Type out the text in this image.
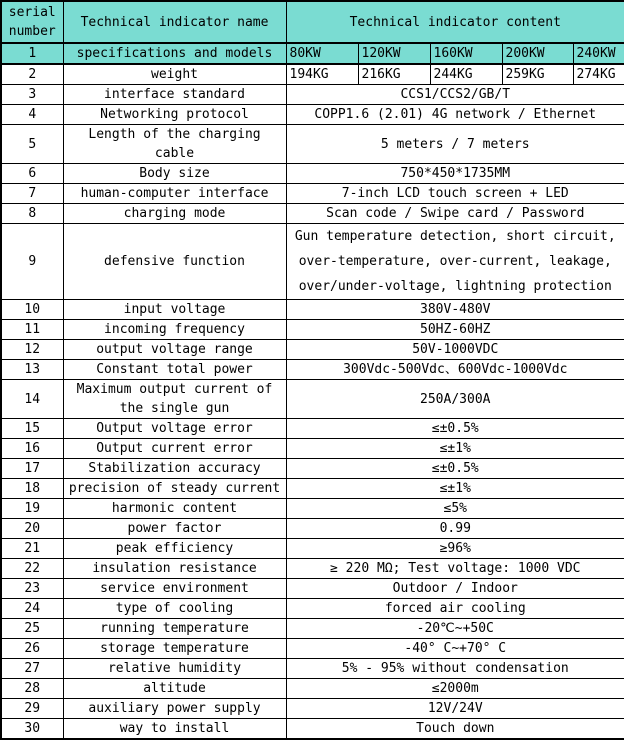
serial number	Technical indicator name	Technical indicator content				
1	specifications and models	80KW	120KW	160KW	200KW	240KW
2	weight	194KG	216KG	244KG	259KG	274KG
3	interface standard	CCS1/CCS2/GB/T				
4	Networking protocol	COPP1.6 (2.01) 4G network / Ethernet				
5	Length of the charging cable	5 meters / 7 meters				
6	Body size	750*450*1735MM				
7	human-computer interface	7-inch LCD touch screen + LED				
8	charging mode	Scan code / Swipe card / Password				
9	defensive function	Gun temperature detection, short circuit, over-temperature, over-current, leakage, over/under-voltage, lightning protection				
10	input voltage	380V-480V				
11	incoming frequency	50HZ-60HZ				
12	output voltage range	50V-1000VDC				
13	Constant total power	300Vdc-500Vdc、600Vdc-1000Vdc				
14	Maximum output current of the single gun	250A/300A				
15	Output voltage error	≤±0.5%				
16	Output current error	≤±1%				
17	Stabilization accuracy	≤±0.5%				
18	precision of steady current	≤±1%				
19	harmonic content	≤5%				
20	power factor	0.99				
21	peak efficiency	≥96%				
22	insulation resistance	≥ 220 MΩ; Test voltage: 1000 VDC				
23	service environment	Outdoor / Indoor				
24	type of cooling	forced air cooling				
25	running temperature	-20℃~+50C				
26	storage temperature	-40° C~+70° C				
27	relative humidity	5% - 95% without condensation				
28	altitude	≤2000m				
29	auxiliary power supply	12V/24V				
30	way to install	Touch down				
